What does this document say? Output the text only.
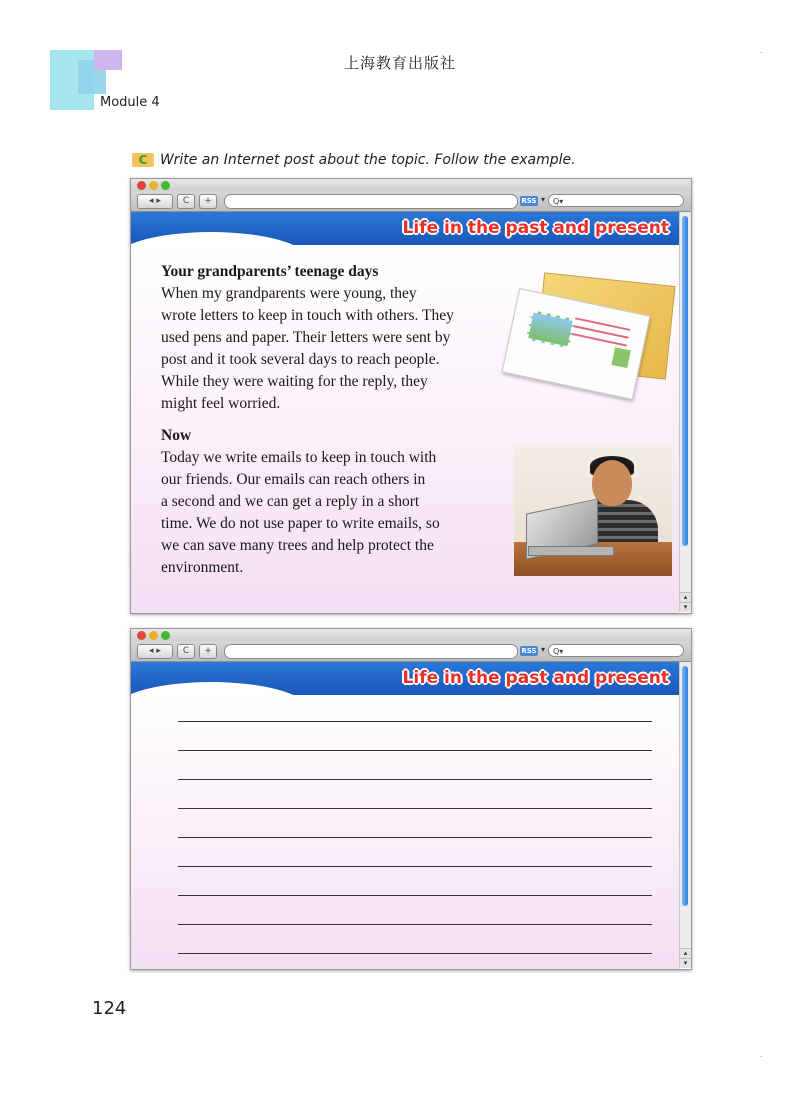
上海教育出版社
Module 4
.
C Write an Internet post about the topic. Follow the example.
◂ ▸	C	+	RSS ▾ Q▾
Life in the past and present

Your grandparents’ teenage days

When my grandparents were young, they

wrote letters to keep in touch with others. They

used pens and paper. Their letters were sent by

post and it took several days to reach people.

While they were waiting for the reply, they

might feel worried.

Now

Today we write emails to keep in touch with

our friends. Our emails can reach others in

a second and we can get a reply in a short

time. We do not use paper to write emails, so

we can save many trees and help protect the

environment.

▴
▾
◂ ▸	C	+	RSS ▾ Q▾
Life in the past and present
▴
▾
124
.
